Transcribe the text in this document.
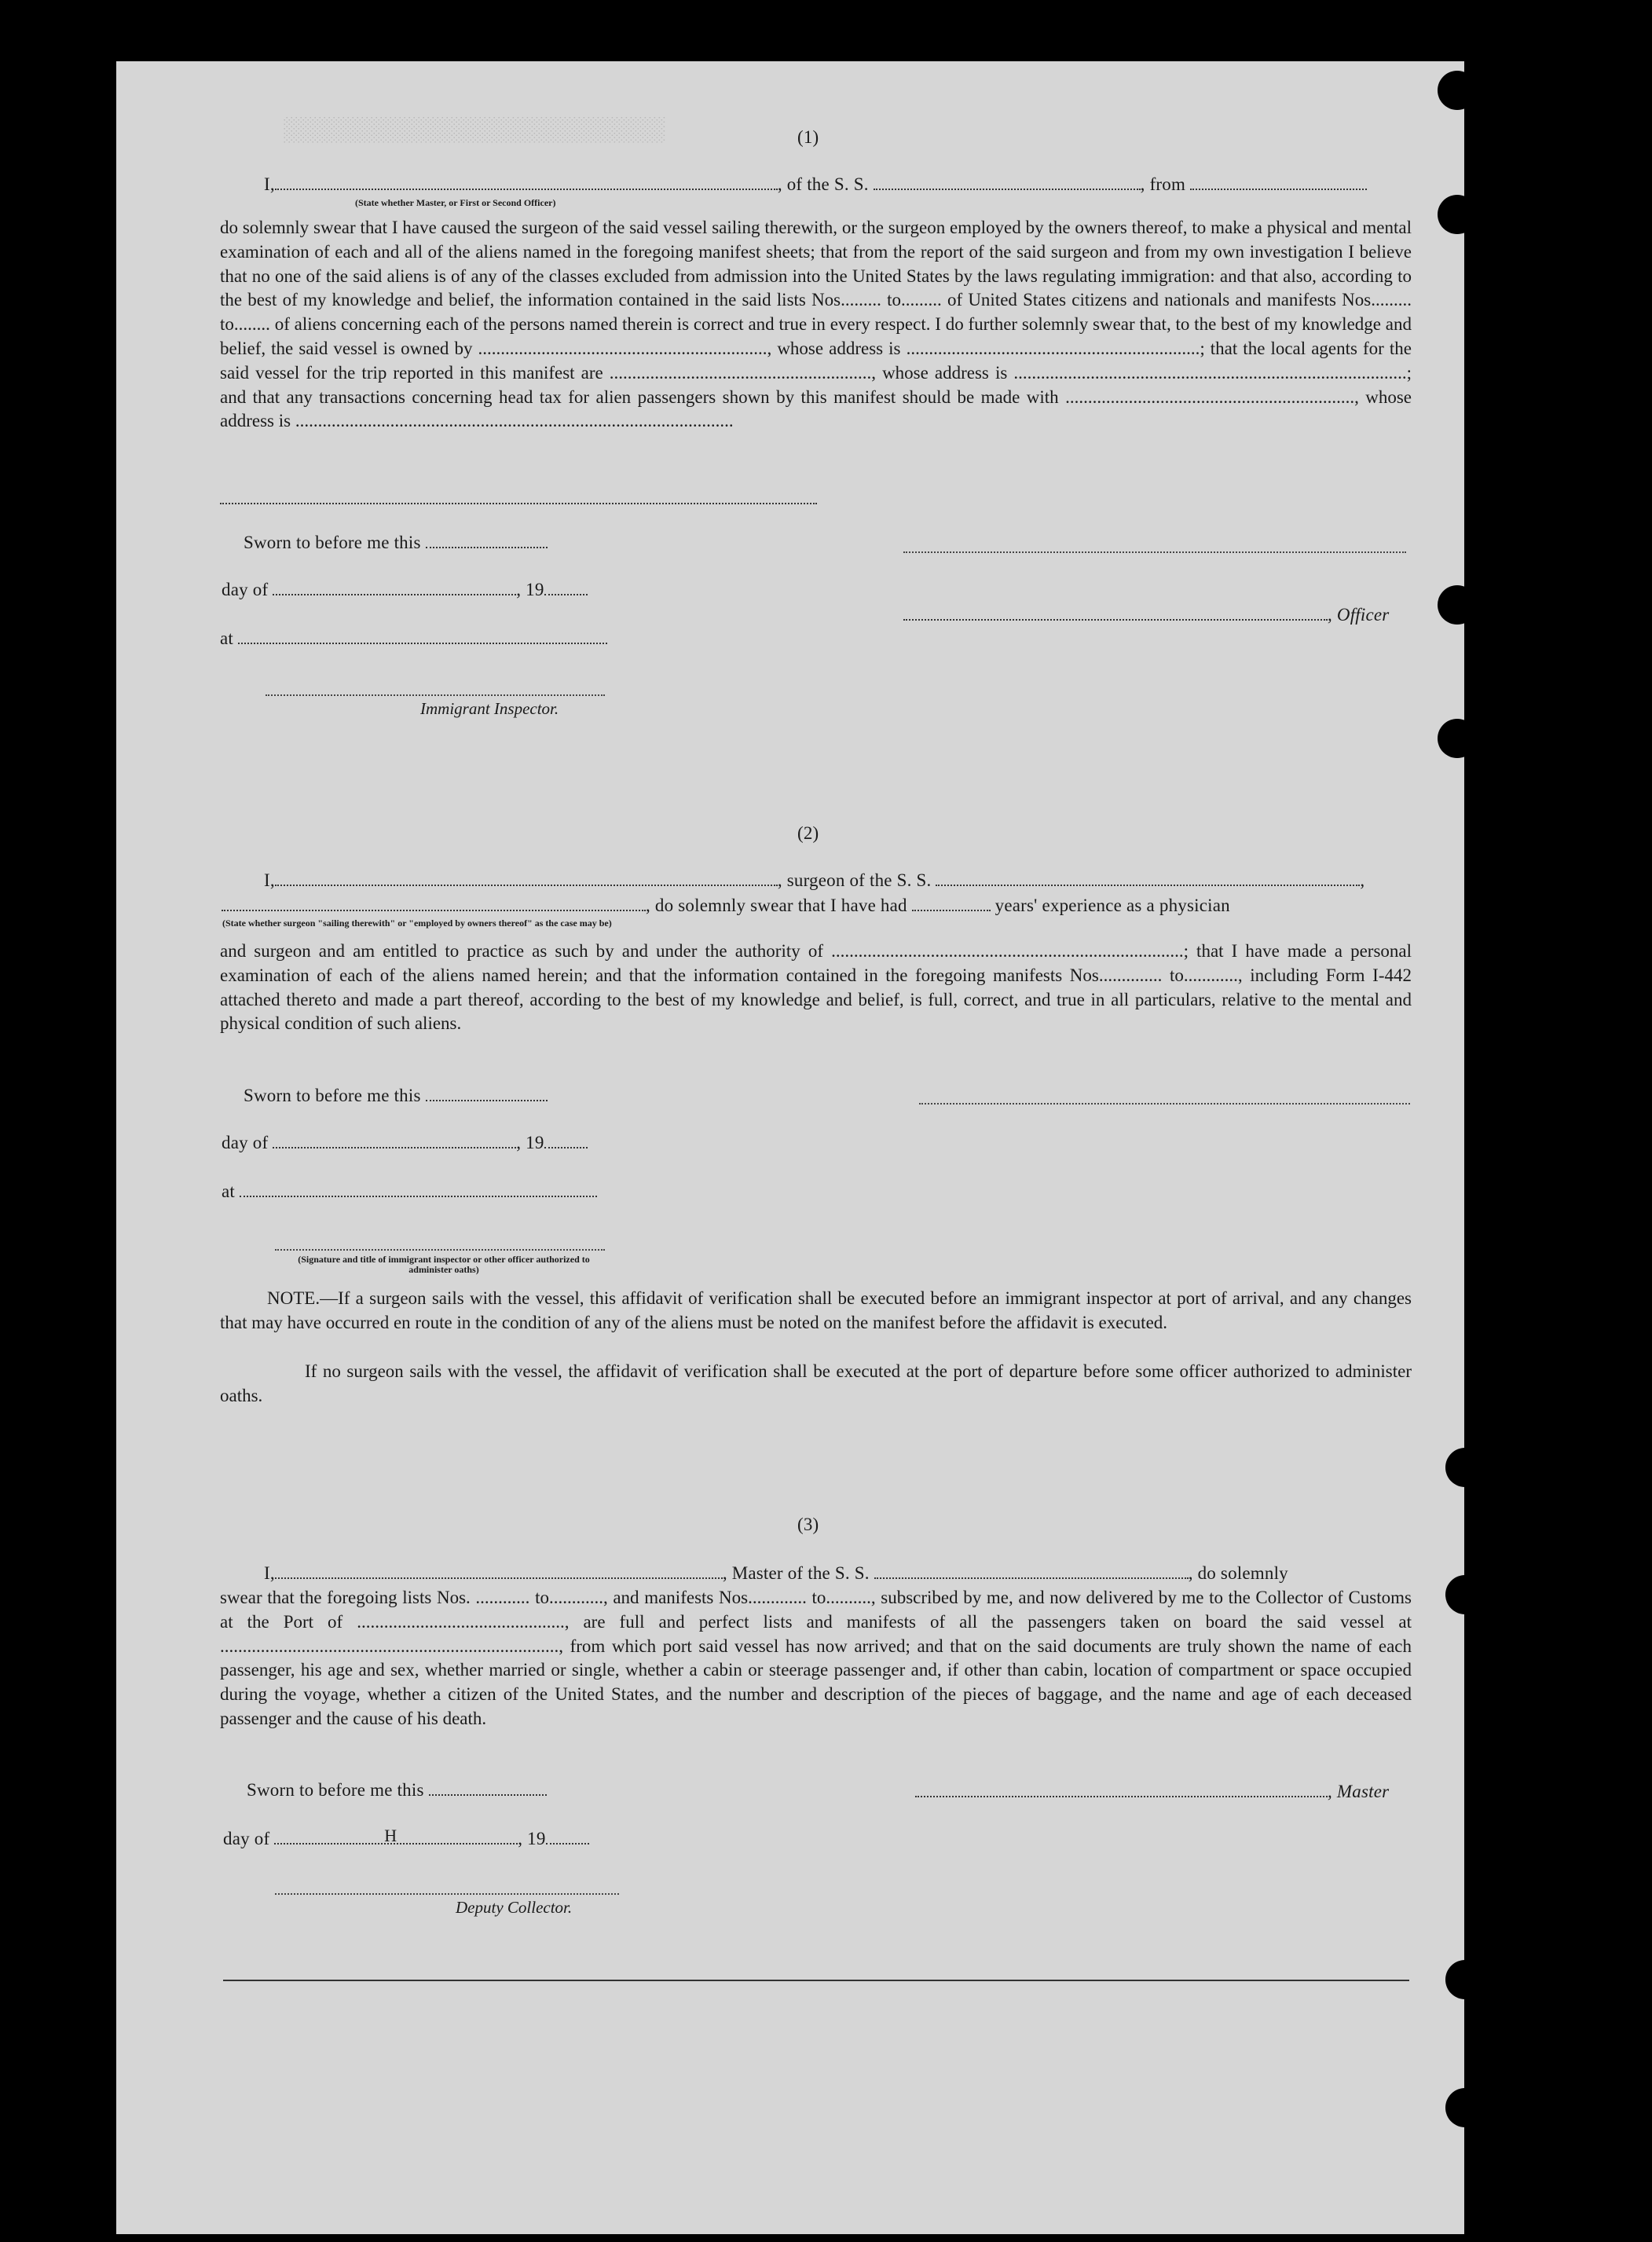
░░░░░░░░░░░░░░░░░░░░░░░░░░░	(1)
I,	, of the S. S.	, from
(State whether Master, or First or Second Officer)
do solemnly swear that I have caused the surgeon of the said vessel sailing therewith, or the surgeon employed by the owners thereof, to make a physical and mental examination of each and all of the aliens named in the foregoing manifest sheets; that from the report of the said surgeon and from my own investigation I believe that no one of the said aliens is of any of the classes excluded from admission into the United States by the laws regulating immigration: and that also, according to the best of my knowledge and belief, the information contained in the said lists Nos......... to......... of United States citizens and nationals and manifests Nos......... to........ of aliens concerning each of the persons named therein is correct and true in every respect. I do further solemnly swear that, to the best of my knowledge and belief, the said vessel is owned by ................................................................, whose address is .................................................................; that the local agents for the said vessel for the trip reported in this manifest are .........................................................., whose address is .......................................................................................; and that any transactions concerning head tax for alien passengers shown by this manifest should be made with ................................................................, whose address is .................................................................................................
Sworn to before me this
day of	, 19
, Officer
at
Immigrant Inspector.
(2)
I,	, surgeon of the S. S.	,
, do solemnly swear that I have had	years' experience as a physician
(State whether surgeon "sailing therewith" or "employed by owners thereof" as the case may be)
and surgeon and am entitled to practice as such by and under the authority of ..............................................................................; that I have made a personal examination of each of the aliens named herein; and that the information contained in the foregoing manifests Nos.............. to............, including Form I-442 attached thereto and made a part thereof, according to the best of my knowledge and belief, is full, correct, and true in all particulars, relative to the mental and physical condition of such aliens.
Sworn to before me this
day of	, 19
at
(Signature and title of immigrant inspector or other officer authorized to administer oaths)
NOTE.—If a surgeon sails with the vessel, this affidavit of verification shall be executed before an immigrant inspector at port of arrival, and any changes that may have occurred en route in the condition of any of the aliens must be noted on the manifest before the affidavit is executed.
If no surgeon sails with the vessel, the affidavit of verification shall be executed at the port of departure before some officer authorized to administer oaths.
(3)
I,	, Master of the S. S.	, do solemnly
swear that the foregoing lists Nos. ............ to............, and manifests Nos............. to.........., subscribed by me, and now delivered by me to the Collector of Customs at the Port of .............................................., are full and perfect lists and manifests of all the passengers taken on board the said vessel at ..........................................................................., from which port said vessel has now arrived; and that on the said documents are truly shown the name of each passenger, his age and sex, whether married or single, whether a cabin or steerage passenger and, if other than cabin, location of compartment or space occupied during the voyage, whether a citizen of the United States, and the number and description of the pieces of baggage, and the name and age of each deceased passenger and the cause of his death.
Sworn to before me this	, Master
day of	H	, 19
Deputy Collector.
